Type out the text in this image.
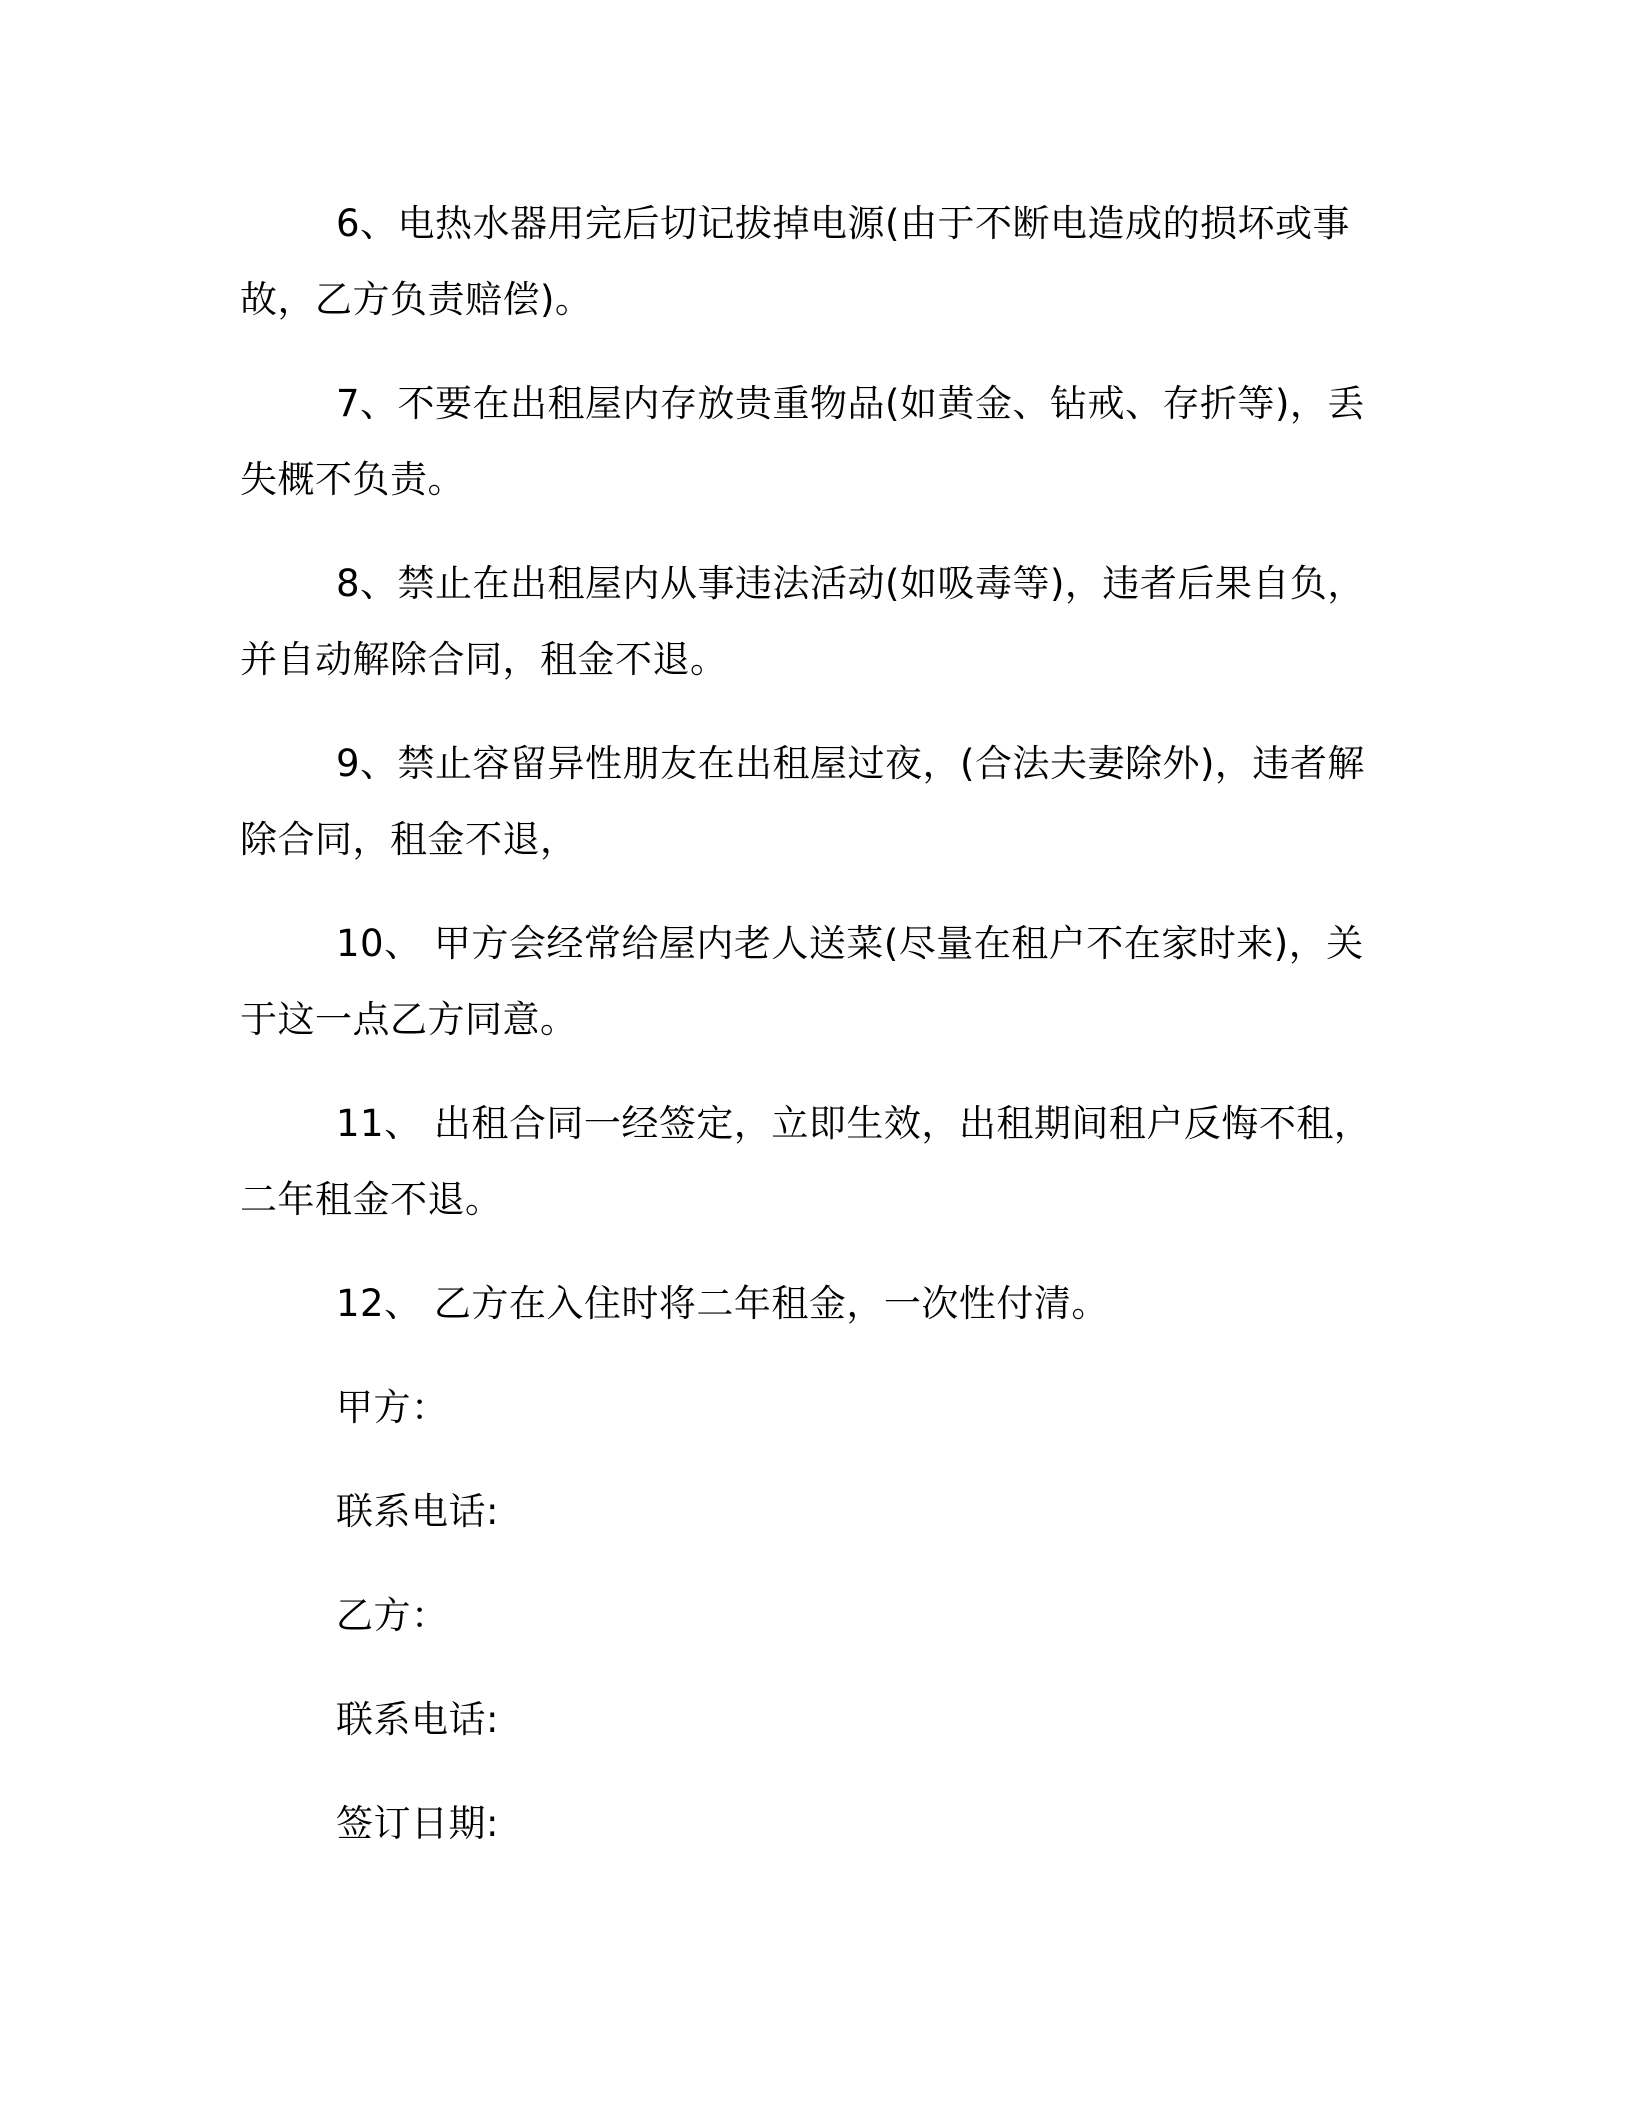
6、电热水器用完后切记拔掉电源(由于不断电造成的损坏或事故，乙方负责赔偿)。

7、不要在出租屋内存放贵重物品(如黄金、钻戒、存折等)，丢失概不负责。

8、禁止在出租屋内从事违法活动(如吸毒等)，违者后果自负，并自动解除合同，租金不退。

9、禁止容留异性朋友在出租屋过夜，(合法夫妻除外)，违者解除合同，租金不退，

10、 甲方会经常给屋内老人送菜(尽量在租户不在家时来)，关于这一点乙方同意。

11、 出租合同一经签定，立即生效，出租期间租户反悔不租，二年租金不退。

12、 乙方在入住时将二年租金，一次性付清。

甲方：

联系电话:

乙方：

联系电话:

签订日期:
